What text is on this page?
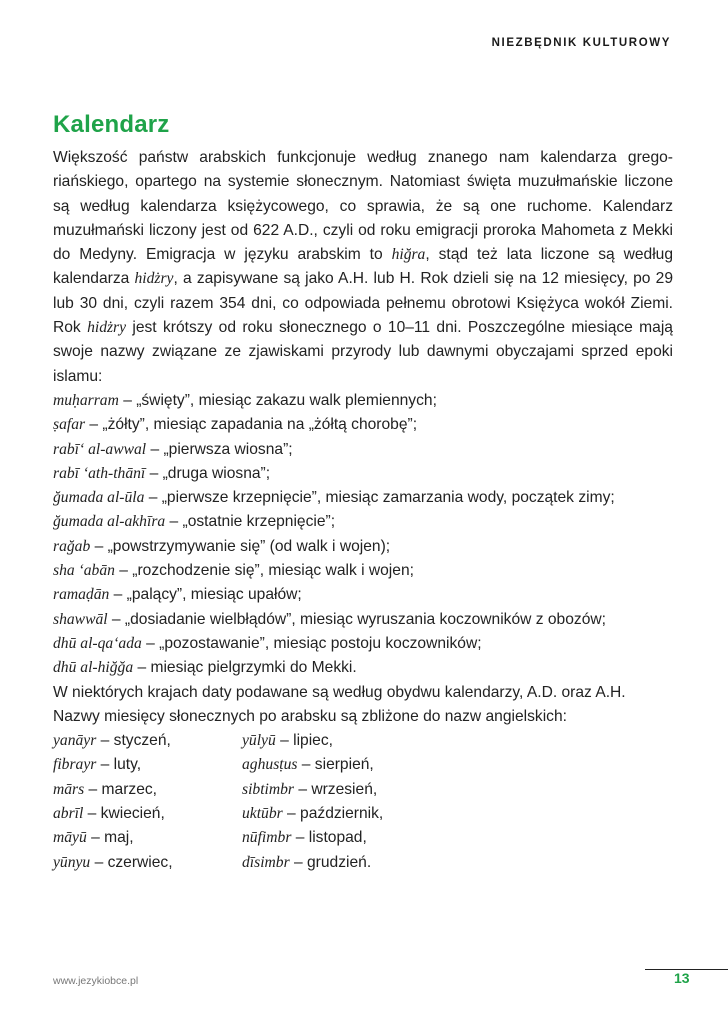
NIEZBĘDNIK KULTUROWY
Kalendarz

Większość państw arabskich funkcjonuje według znanego nam kalendarza gregoriańskiego, opartego na systemie słonecznym. Natomiast święta muzułmańskie liczone są według kalendarza księżycowego, co sprawia, że są one ruchome. Kalendarz muzułmański liczony jest od 622 A.D., czyli od roku emigracji proroka Mahometa z Mekki do Medyny. Emigracja w języku arabskim to hiğra, stąd też lata liczone są według kalendarza hidżry, a zapisywane są jako A.H. lub H. Rok dzieli się na 12 miesięcy, po 29 lub 30 dni, czyli razem 354 dni, co odpowiada pełnemu obrotowi Księżyca wokół Ziemi. Rok hidżry jest krótszy od roku słonecznego o 10–11 dni. Poszczególne miesiące mają swoje nazwy związane ze zjawiskami przyrody lub dawnymi obyczajami sprzed epoki islamu:

muḥarram – „święty”, miesiąc zakazu walk plemiennych;
ṣafar – „żółty”, miesiąc zapadania na „żółtą chorobę”;
rabī‘ al-awwal – „pierwsza wiosna”;
rabī ‘ath-thānī – „druga wiosna”;
ğumada al-ūla – „pierwsze krzepnięcie”, miesiąc zamarzania wody, początek zimy;
ğumada al-akhīra – „ostatnie krzepnięcie”;
rağab – „powstrzymywanie się” (od walk i wojen);
sha ‘abān – „rozchodzenie się”, miesiąc walk i wojen;
ramaḍān – „palący”, miesiąc upałów;
shawwāl – „dosiadanie wielbłądów”, miesiąc wyruszania koczowników z obozów;
dhū al-qa‘ada – „pozostawanie”, miesiąc postoju koczowników;
dhū al-hiğğa – miesiąc pielgrzymki do Mekki.

W niektórych krajach daty podawane są według obydwu kalendarzy, A.D. oraz A.H.

Nazwy miesięcy słonecznych po arabsku są zbliżone do nazw angielskich:

yanāyr – styczeń,	yūlyū – lipiec,
fibrayr – luty,	aghusṭus – sierpień,
mārs – marzec,	sibtimbr – wrzesień,
abrīl – kwiecień,	uktūbr – październik,
māyū – maj,	nūfimbr – listopad,
yūnyu – czerwiec,	dīsimbr – grudzień.
www.jezykiobce.pl	13
